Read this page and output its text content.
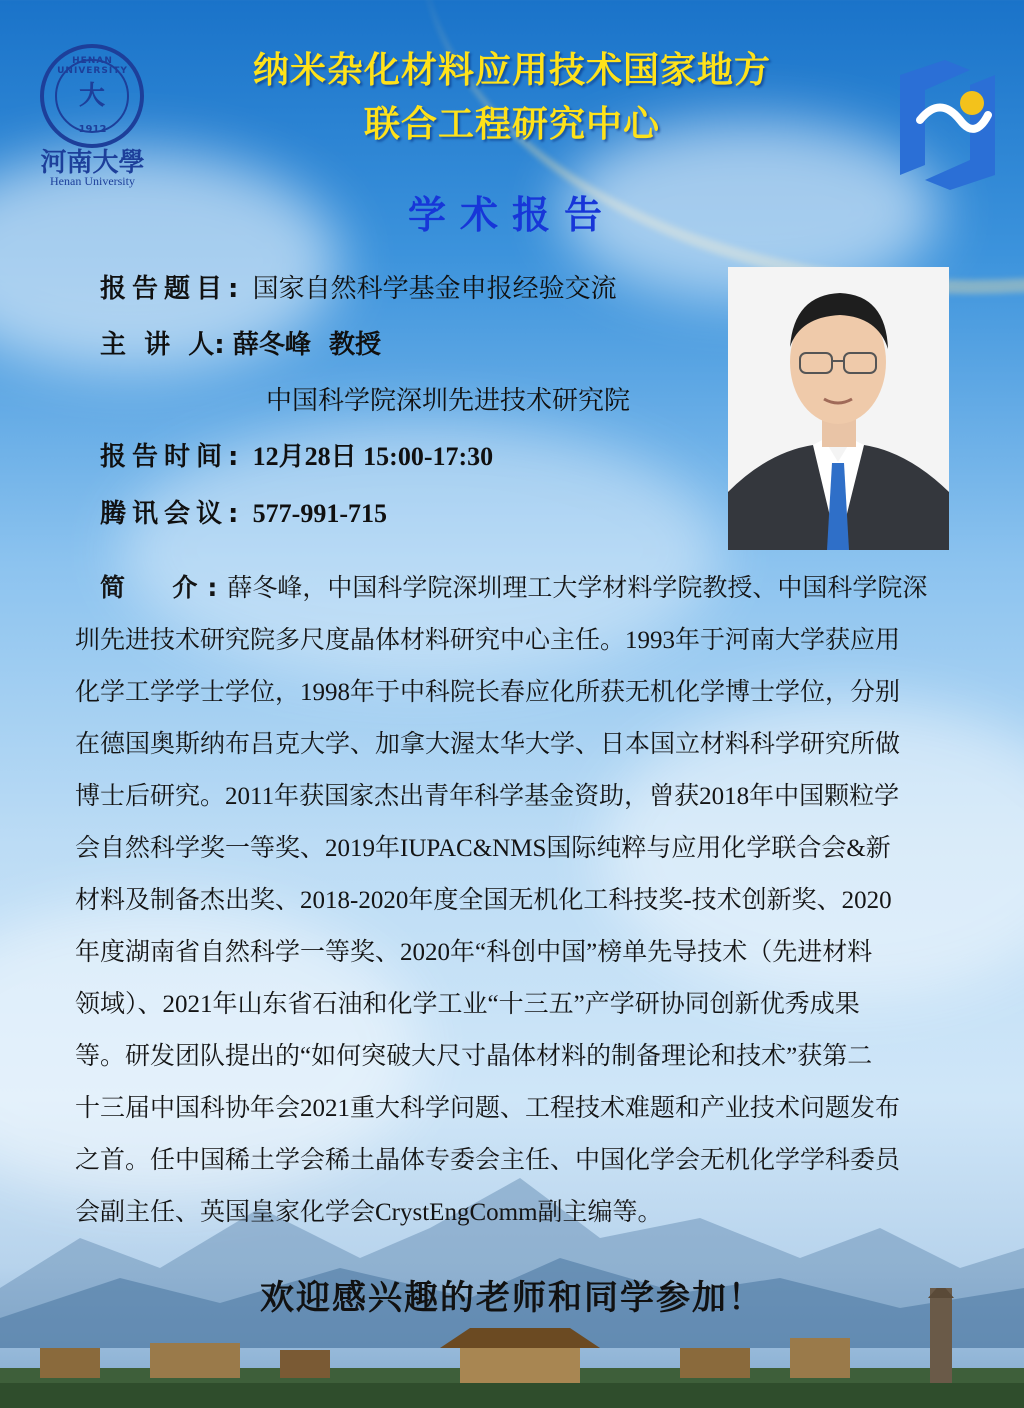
大
HENAN UNIVERSITY
1912
河南大學
Henan University
纳米杂化材料应用技术国家地方
联合工程研究中心
学术报告
报告题目: 国家自然科学基金申报经验交流
主  讲  人: 薛冬峰  教授
中国科学院深圳先进技术研究院
报告时间: 12月28日 15:00-17:30
腾讯会议: 577-991-715
简  介:薛冬峰，中国科学院深圳理工大学材料学院教授、中国科学院深
圳先进技术研究院多尺度晶体材料研究中心主任。1993年于河南大学获应用
化学工学学士学位，1998年于中科院长春应化所获无机化学博士学位，分别
在德国奥斯纳布吕克大学、加拿大渥太华大学、日本国立材料科学研究所做
博士后研究。2011年获国家杰出青年科学基金资助，曾获2018年中国颗粒学
会自然科学奖一等奖、2019年IUPAC&NMS国际纯粹与应用化学联合会&新
材料及制备杰出奖、2018-2020年度全国无机化工科技奖-技术创新奖、2020
年度湖南省自然科学一等奖、2020年“科创中国”榜单先导技术（先进材料
领域）、2021年山东省石油和化学工业“十三五”产学研协同创新优秀成果
等。研发团队提出的“如何突破大尺寸晶体材料的制备理论和技术”获第二
十三届中国科协年会2021重大科学问题、工程技术难题和产业技术问题发布
之首。任中国稀土学会稀土晶体专委会主任、中国化学会无机化学学科委员
会副主任、英国皇家化学会CrystEngComm副主编等。
欢迎感兴趣的老师和同学参加！
